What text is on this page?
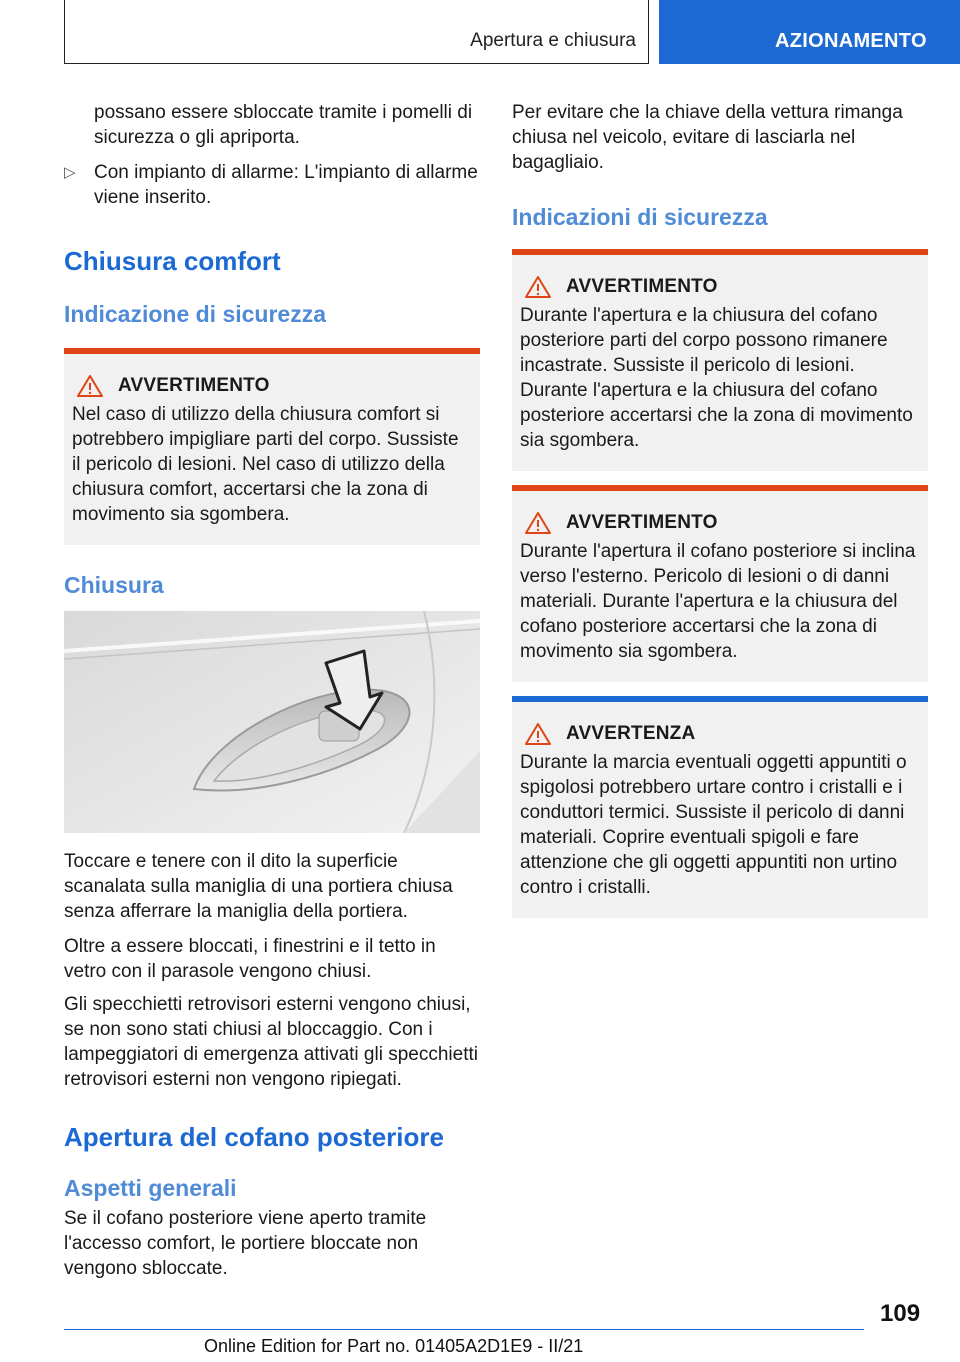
Apertura e chiusura	AZIONAMENTO

possano essere sbloccate tramite i pomelli di sicurezza o gli apriporta.

▷ Con impianto di allarme: L'impianto di allarme viene inserito.
Chiusura comfort
Indicazione di sicurezza
AVVERTIMENTO

Nel caso di utilizzo della chiusura comfort si potrebbero impigliare parti del corpo. Sussiste il pericolo di lesioni. Nel caso di utilizzo della chiusura comfort, accertarsi che la zona di movimento sia sgombera.

Chiusura

Toccare e tenere con il dito la superficie scanalata sulla maniglia di una portiera chiusa senza afferrare la maniglia della portiera.

Oltre a essere bloccati, i finestrini e il tetto in vetro con il parasole vengono chiusi.

Gli specchietti retrovisori esterni vengono chiusi, se non sono stati chiusi al bloccaggio. Con i lampeggiatori di emergenza attivati gli specchietti retrovisori esterni non vengono ripiegati.

Apertura del cofano posteriore
Aspetti generali

Se il cofano posteriore viene aperto tramite l'accesso comfort, le portiere bloccate non vengono sbloccate.

Per evitare che la chiave della vettura rimanga chiusa nel veicolo, evitare di lasciarla nel bagagliaio.

Indicazioni di sicurezza
AVVERTIMENTO

Durante l'apertura e la chiusura del cofano posteriore parti del corpo possono rimanere incastrate. Sussiste il pericolo di lesioni. Durante l'apertura e la chiusura del cofano posteriore accertarsi che la zona di movimento sia sgombera.

AVVERTIMENTO

Durante l'apertura il cofano posteriore si inclina verso l'esterno. Pericolo di lesioni o di danni materiali. Durante l'apertura e la chiusura del cofano posteriore accertarsi che la zona di movimento sia sgombera.

AVVERTENZA

Durante la marcia eventuali oggetti appuntiti o spigolosi potrebbero urtare contro i cristalli e i conduttori termici. Sussiste il pericolo di danni materiali. Coprire eventuali spigoli e fare attenzione che gli oggetti appuntiti non urtino contro i cristalli.

109
Online Edition for Part no. 01405A2D1E9 - II/21
